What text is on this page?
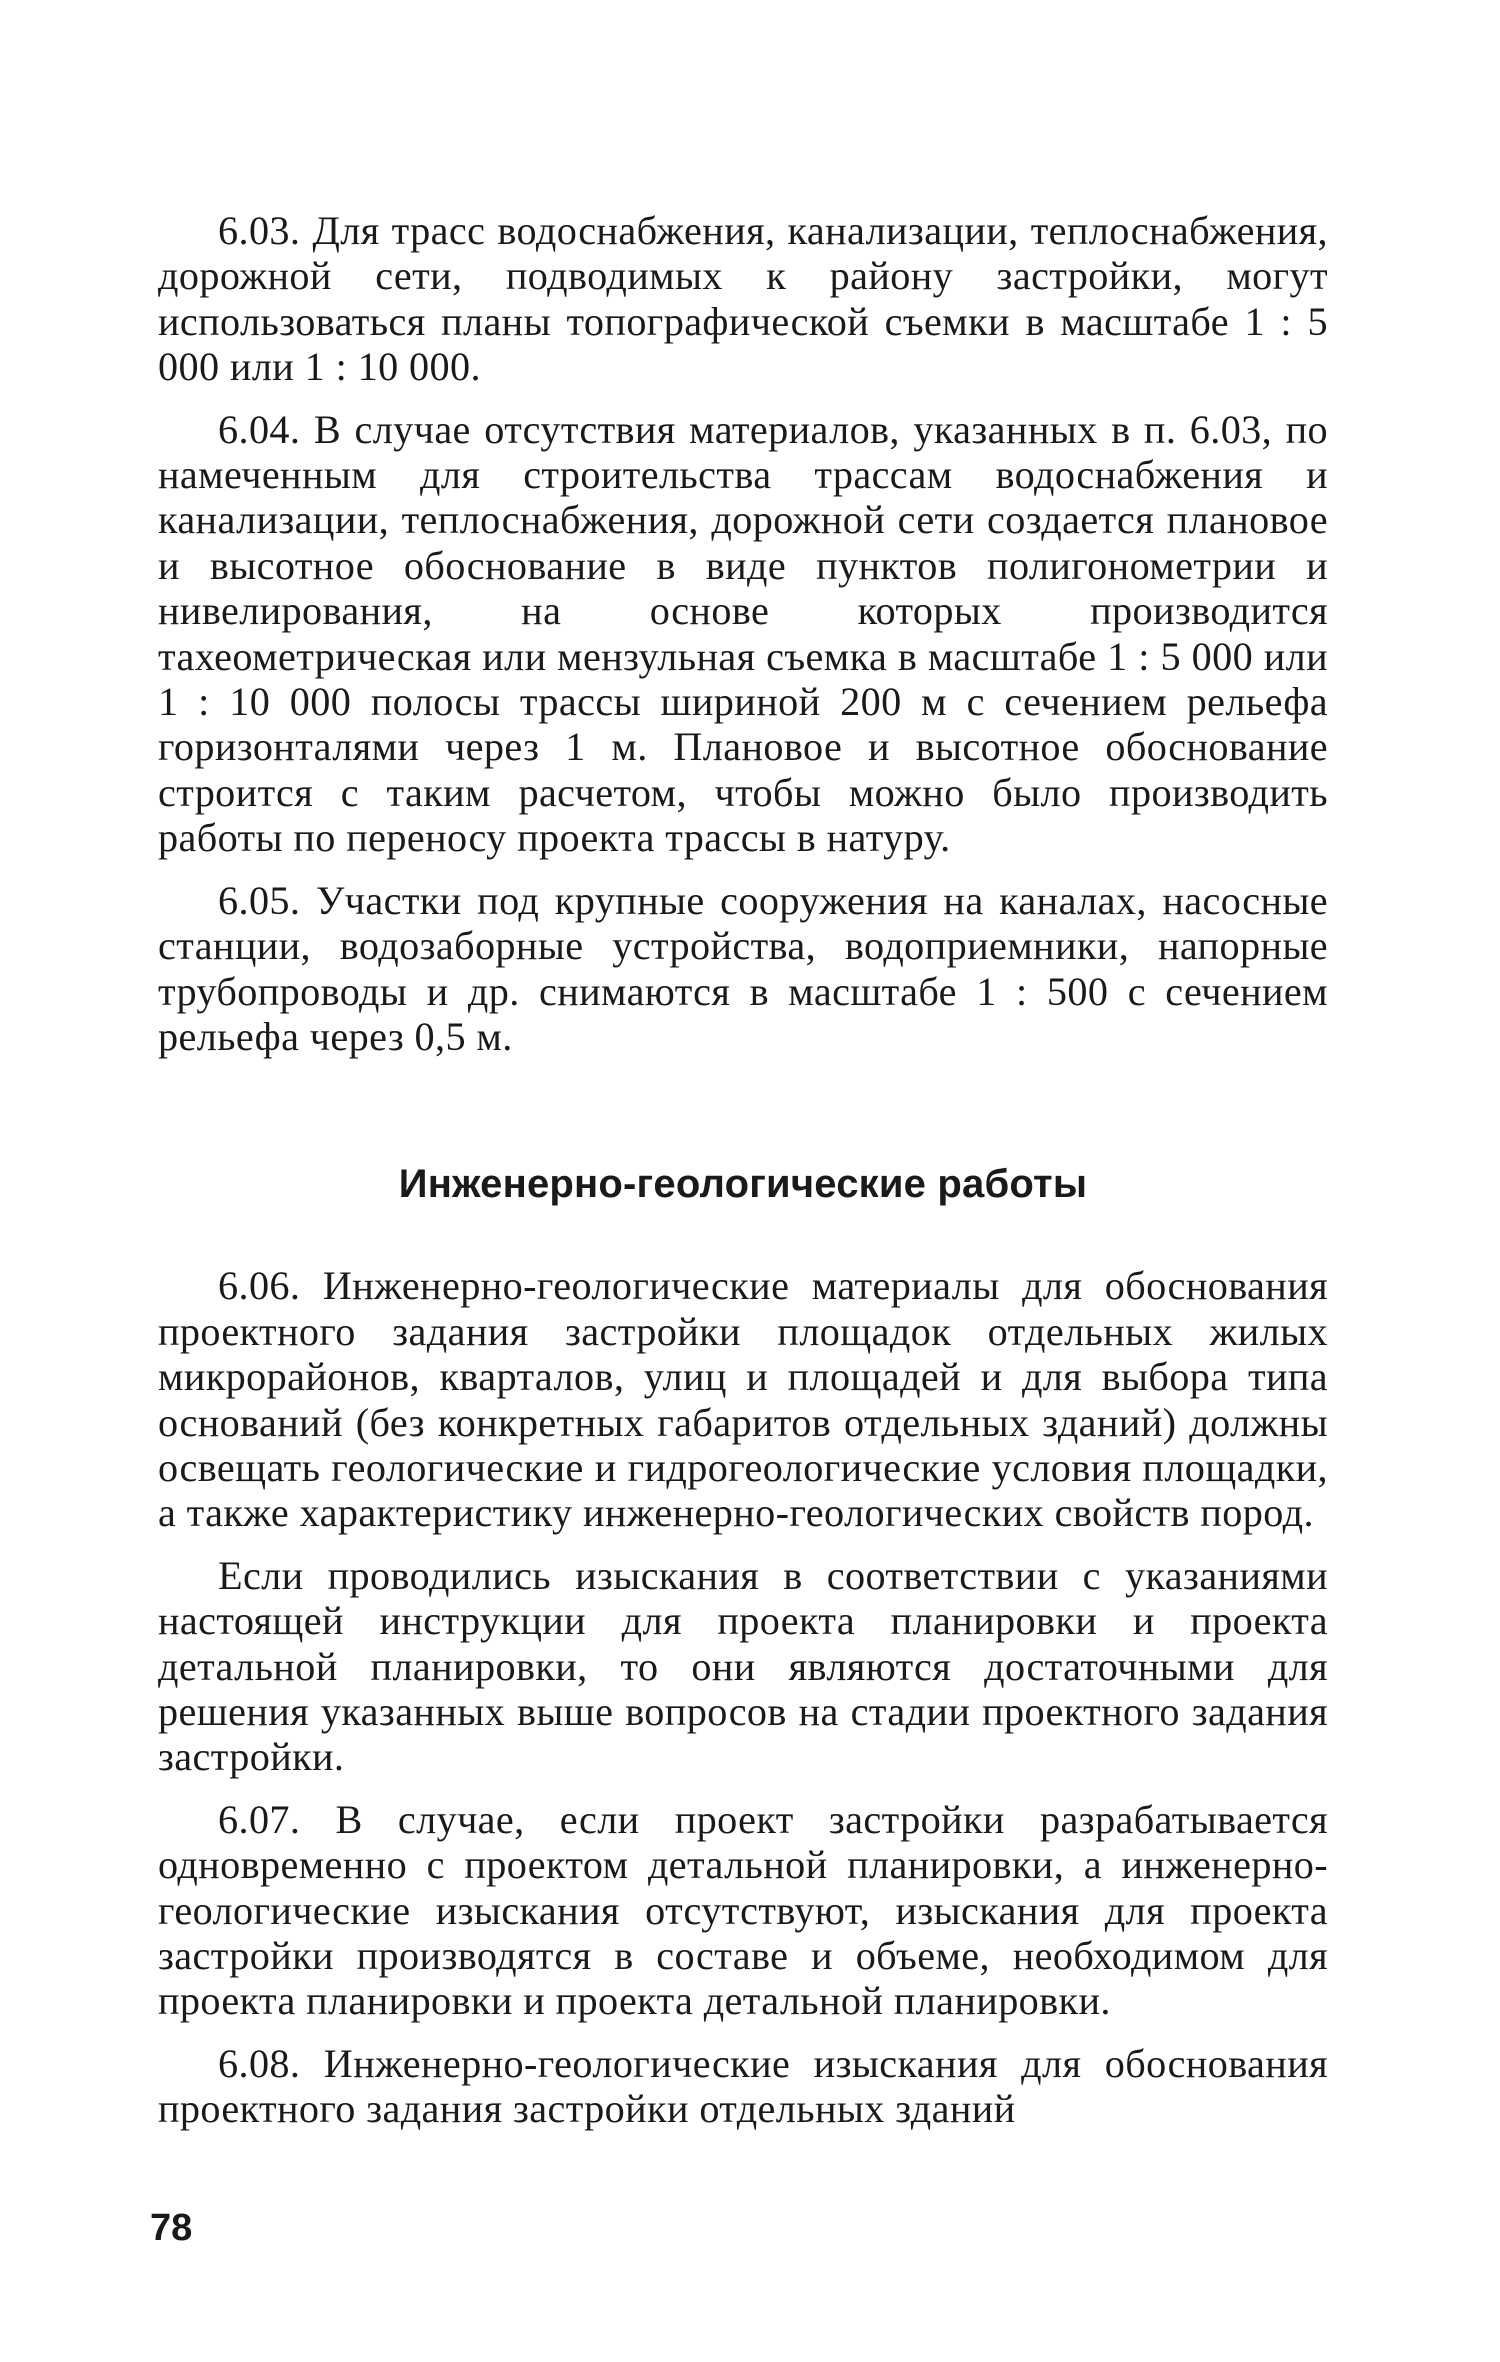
6.03. Для трасс водоснабжения, канализации, теплоснабжения, дорожной сети, подводимых к району застройки, могут использоваться планы топографической съемки в масштабе 1 : 5 000 или 1 : 10 000.

6.04. В случае отсутствия материалов, указанных в п. 6.03, по намеченным для строительства трассам водоснабжения и канализации, теплоснабжения, дорожной сети создается плановое и высотное обоснование в виде пунктов полигонометрии и нивелирования, на основе которых производится тахеометрическая или мензульная съемка в масштабе 1 : 5 000 или 1 : 10 000 полосы трассы шириной 200 м с сечением рельефа горизонталями через 1 м. Плановое и высотное обоснование строится с таким расчетом, чтобы можно было производить работы по переносу проекта трассы в натуру.

6.05. Участки под крупные сооружения на каналах, насосные станции, водозаборные устройства, водоприемники, напорные трубопроводы и др. снимаются в масштабе 1 : 500 с сечением рельефа через 0,5 м.

Инженерно-геологические работы

6.06. Инженерно-геологические материалы для обоснования проектного задания застройки площадок отдельных жилых микрорайонов, кварталов, улиц и площадей и для выбора типа оснований (без конкретных габаритов отдельных зданий) должны освещать геологические и гидрогеологические условия площадки, а также характеристику инженерно-геологических свойств пород.

Если проводились изыскания в соответствии с указаниями настоящей инструкции для проекта планировки и проекта детальной планировки, то они являются достаточными для решения указанных выше вопросов на стадии проектного задания застройки.

6.07. В случае, если проект застройки разрабатывается одновременно с проектом детальной планировки, а инженерно-геологические изыскания отсутствуют, изыскания для проекта застройки производятся в составе и объеме, необходимом для проекта планировки и проекта детальной планировки.

6.08. Инженерно-геологические изыскания для обоснования проектного задания застройки отдельных зданий

78
